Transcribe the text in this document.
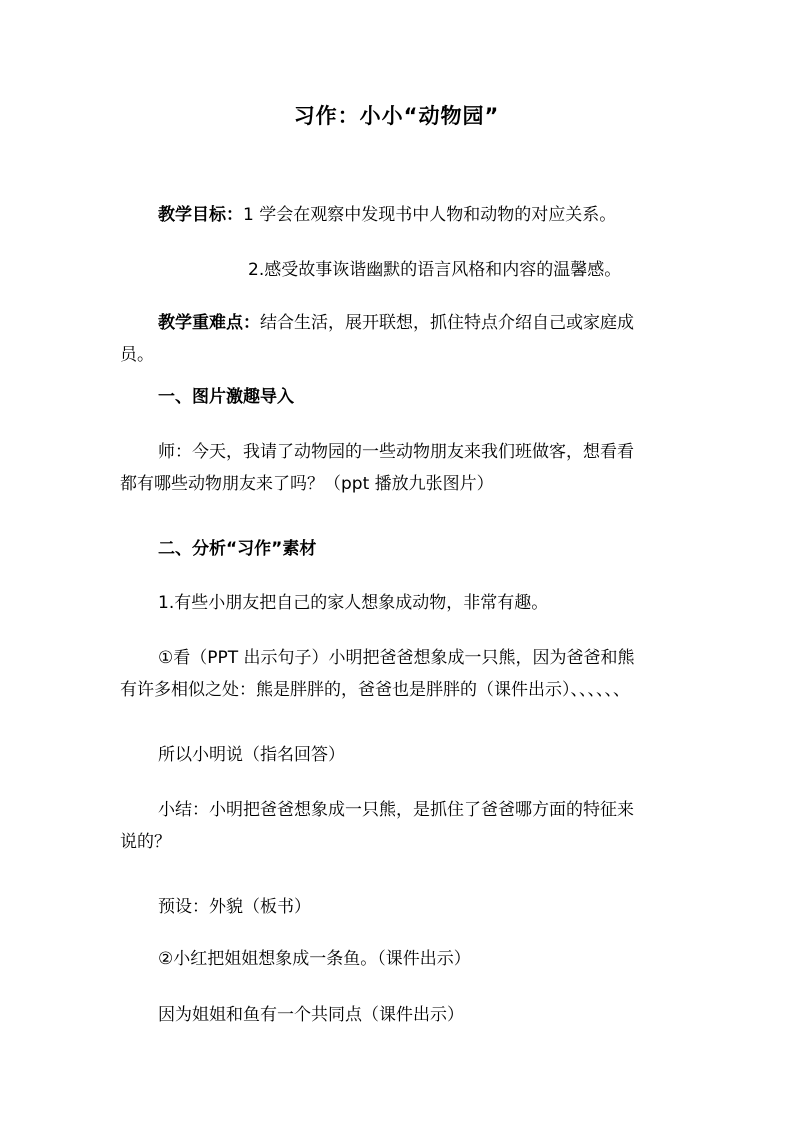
习作：小小“动物园”
教学目标：1 学会在观察中发现书中人物和动物的对应关系。
2.感受故事诙谐幽默的语言风格和内容的温馨感。
教学重难点：结合生活，展开联想，抓住特点介绍自己或家庭成
员。
一、图片激趣导入
师：今天，我请了动物园的一些动物朋友来我们班做客，想看看
都有哪些动物朋友来了吗？（ppt 播放九张图片）
二、分析“习作”素材
1.有些小朋友把自己的家人想象成动物，非常有趣。
①看（PPT 出示句子）小明把爸爸想象成一只熊，因为爸爸和熊
有许多相似之处：熊是胖胖的，爸爸也是胖胖的（课件出示）、、、、、、
所以小明说（指名回答）
小结：小明把爸爸想象成一只熊，是抓住了爸爸哪方面的特征来
说的？
预设：外貌（板书）
②小红把姐姐想象成一条鱼。（课件出示）
因为姐姐和鱼有一个共同点（课件出示）
